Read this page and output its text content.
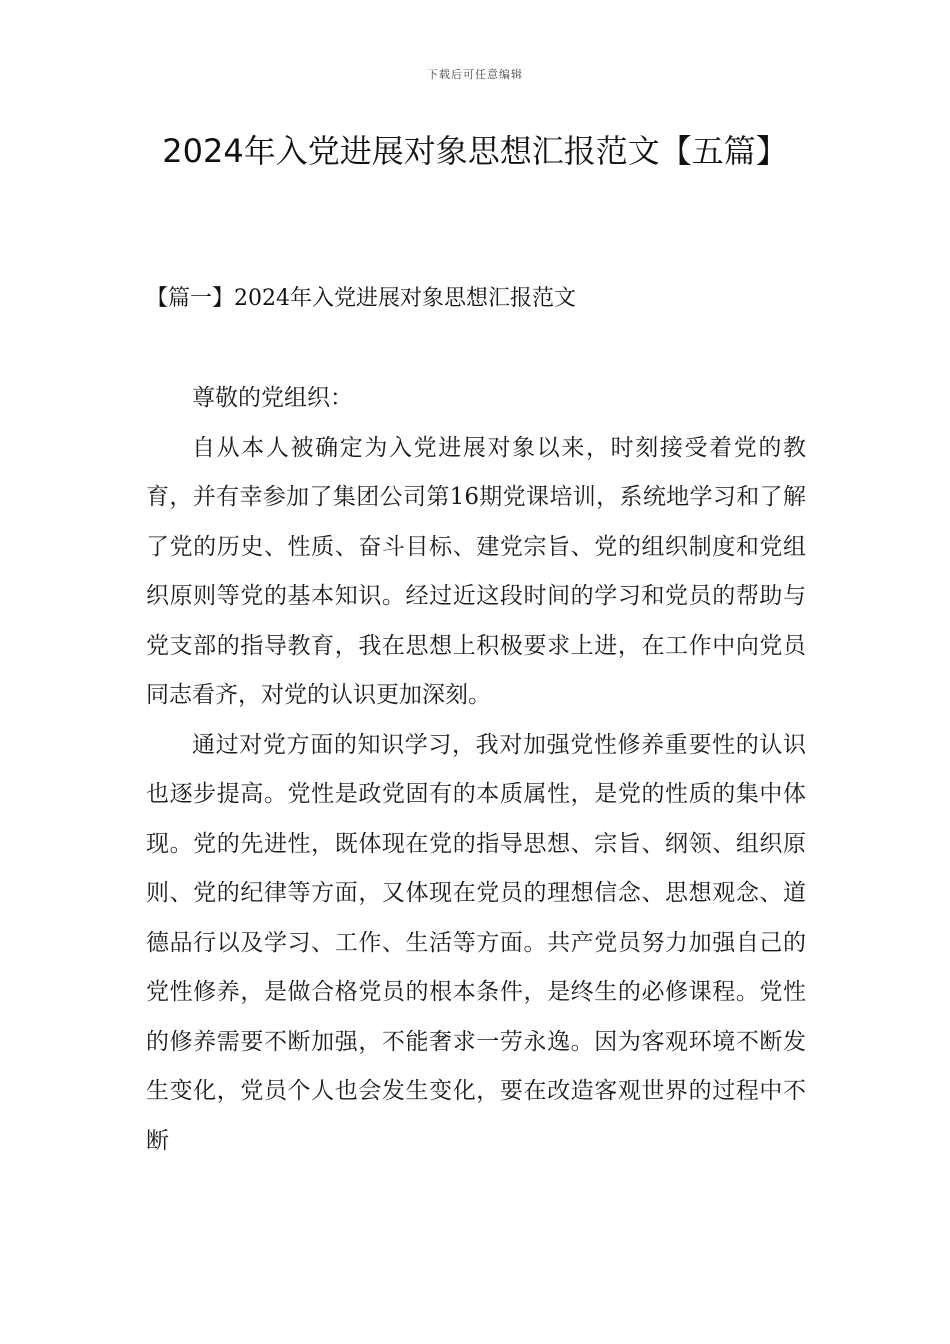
下载后可任意编辑
2024年入党进展对象思想汇报范文【五篇】
【篇一】2024年入党进展对象思想汇报范文

尊敬的党组织：

自从本人被确定为入党进展对象以来，时刻接受着党的教育，并有幸参加了集团公司第16期党课培训，系统地学习和了解了党的历史、性质、奋斗目标、建党宗旨、党的组织制度和党组织原则等党的基本知识。经过近这段时间的学习和党员的帮助与党支部的指导教育，我在思想上积极要求上进，在工作中向党员同志看齐，对党的认识更加深刻。

通过对党方面的知识学习，我对加强党性修养重要性的认识也逐步提高。党性是政党固有的本质属性，是党的性质的集中体现。党的先进性，既体现在党的指导思想、宗旨、纲领、组织原则、党的纪律等方面，又体现在党员的理想信念、思想观念、道德品行以及学习、工作、生活等方面。共产党员努力加强自己的党性修养，是做合格党员的根本条件，是终生的必修课程。党性的修养需要不断加强，不能奢求一劳永逸。因为客观环境不断发生变化，党员个人也会发生变化，要在改造客观世界的过程中不断
